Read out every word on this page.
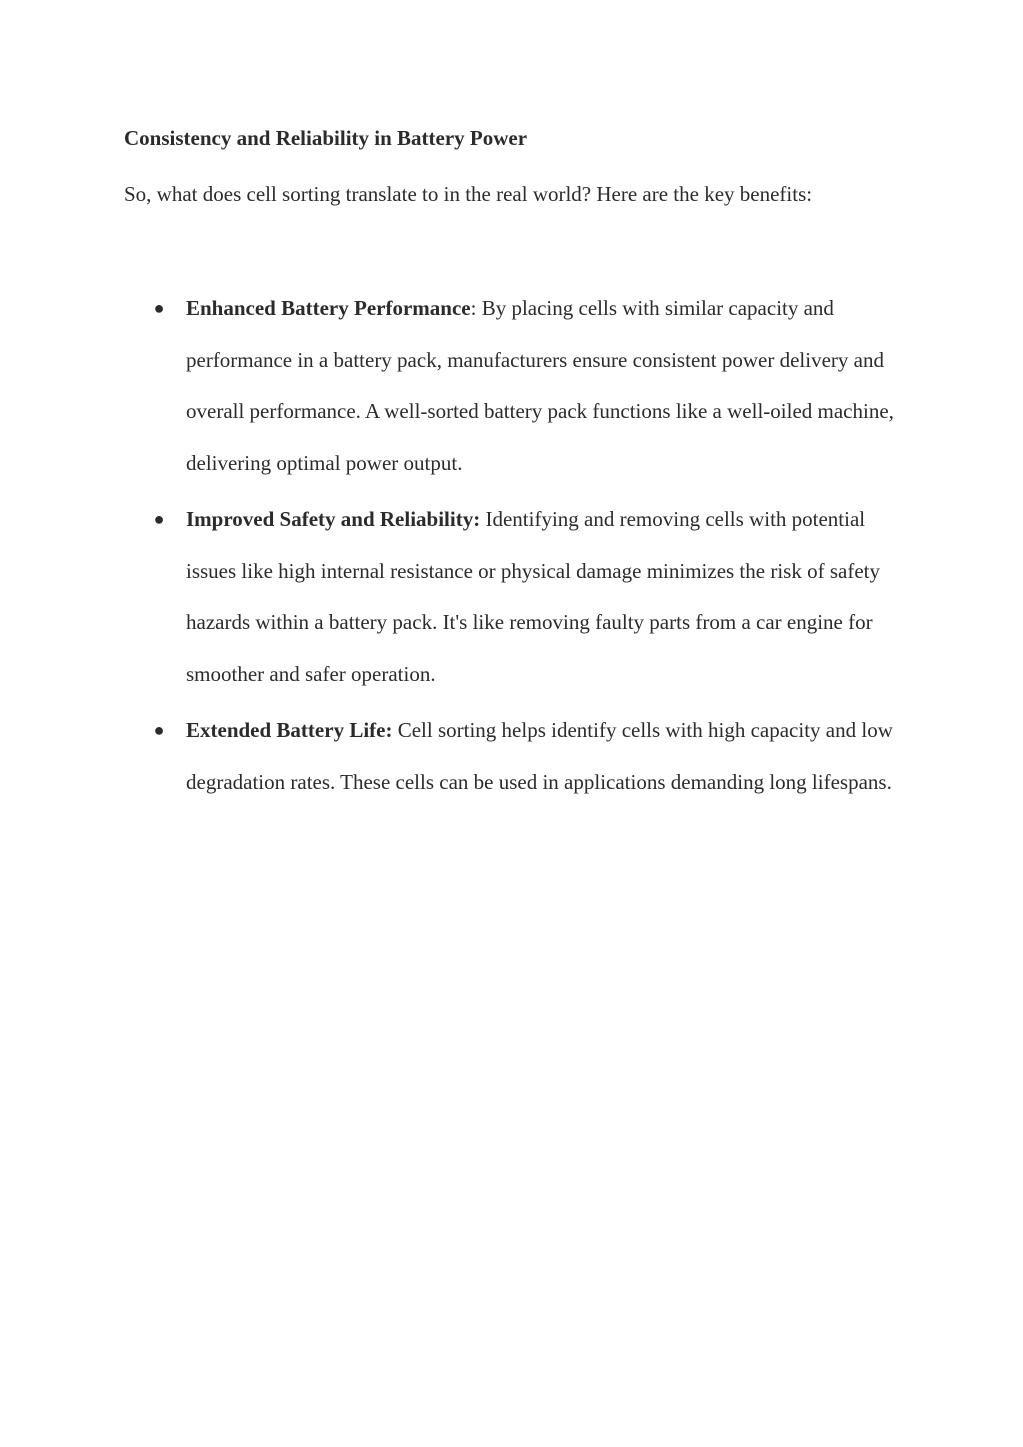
Consistency and Reliability in Battery Power

So, what does cell sorting translate to in the real world? Here are the key benefits:

● Enhanced Battery Performance: By placing cells with similar capacity and performance in a battery pack, manufacturers ensure consistent power delivery and overall performance. A well-sorted battery pack functions like a well-oiled machine, delivering optimal power output.
● Improved Safety and Reliability: Identifying and removing cells with potential issues like high internal resistance or physical damage minimizes the risk of safety hazards within a battery pack. It's like removing faulty parts from a car engine for smoother and safer operation.
● Extended Battery Life: Cell sorting helps identify cells with high capacity and low degradation rates. These cells can be used in applications demanding long lifespans.
